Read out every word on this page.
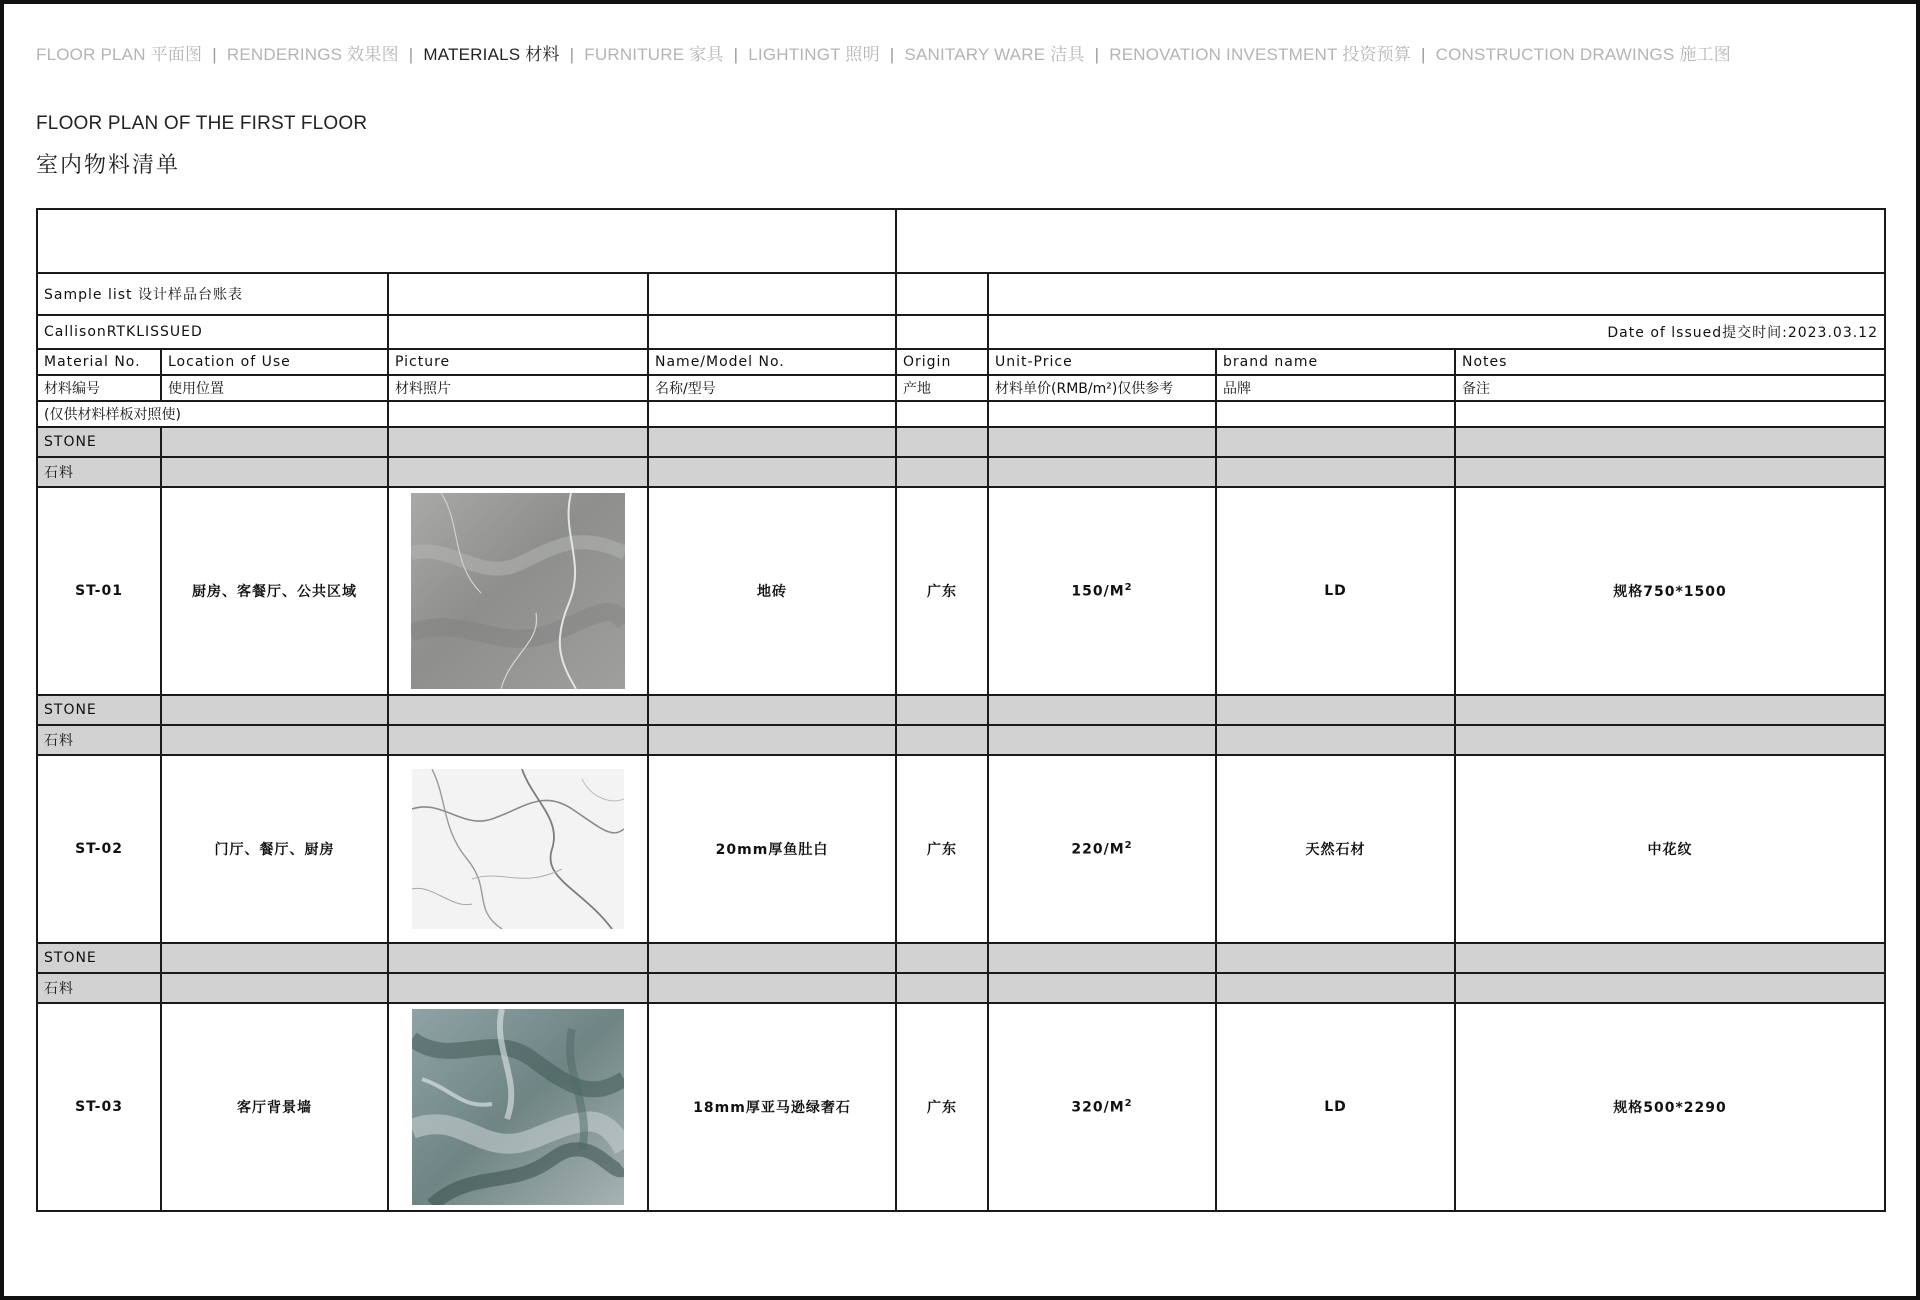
FLOOR PLAN 平面图 | RENDERINGS 效果图 | MATERIALS 材料 | FURNITURE 家具 | LIGHTINGT 照明 | SANITARY WARE 洁具 | RENOVATION INVESTMENT 投资预算 | CONSTRUCTION DRAWINGS 施工图
FLOOR PLAN OF THE FIRST FLOOR
室内物料清单

Sample list 设计样品台账表							
CallisonRTKLISSUED					Date of lssued提交时间:2023.03.12		
Material No.	Location of Use	Picture	Name/Model No.	Origin	Unit-Price	brand name	Notes
材料编号	使用位置	材料照片	名称/型号	产地	材料单价(RMB/m²)仅供参考	品牌	备注
(仅供材料样板对照使)							
STONE							
石料							
ST-01	厨房、客餐厅、公共区域		地砖	广东	$150/M^2$	LD	规格750*1500
STONE							
石料							
ST-02	门厅、餐厅、厨房		20mm厚鱼肚白	广东	$220/M^2$	天然石材	中花纹
STONE							
石料							
ST-03	客厅背景墙		18mm厚亚马逊绿奢石	广东	$320/M^2$	LD	规格500*2290
